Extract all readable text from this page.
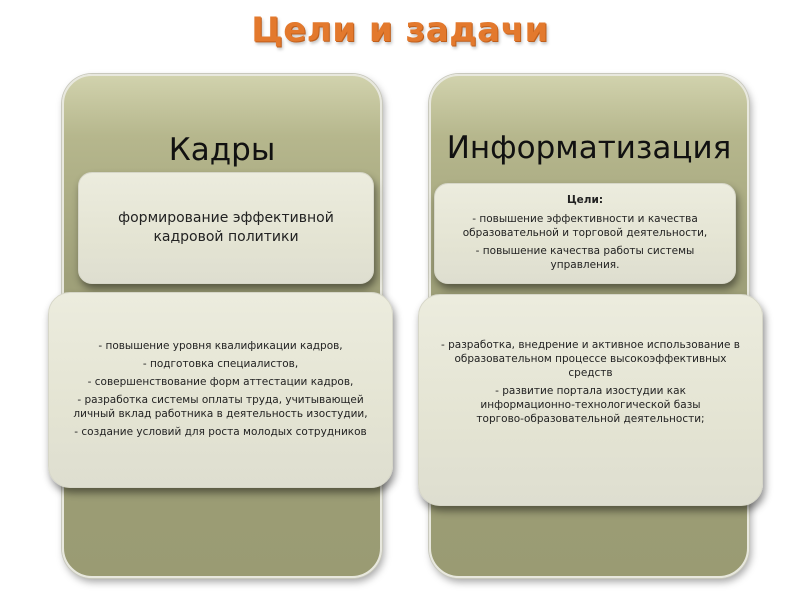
Цели и задачи
Кадры	Информатизация
формирование эффективной кадровой политики
Цели:
- повышение эффективности и качества образовательной и торговой деятельности,
- повышение качества работы системы управления.
- повышение уровня квалификации кадров,
- подготовка специалистов,
- совершенствование форм аттестации кадров,
- разработка системы оплаты труда, учитывающей личный вклад работника в деятельность изостудии,
- создание условий для роста молодых сотрудников
- разработка, внедрение и активное использование в образовательном процессе высокоэффективных средств
- развитие портала изостудии как информационно-технологической базы торгово-образовательной деятельности;
